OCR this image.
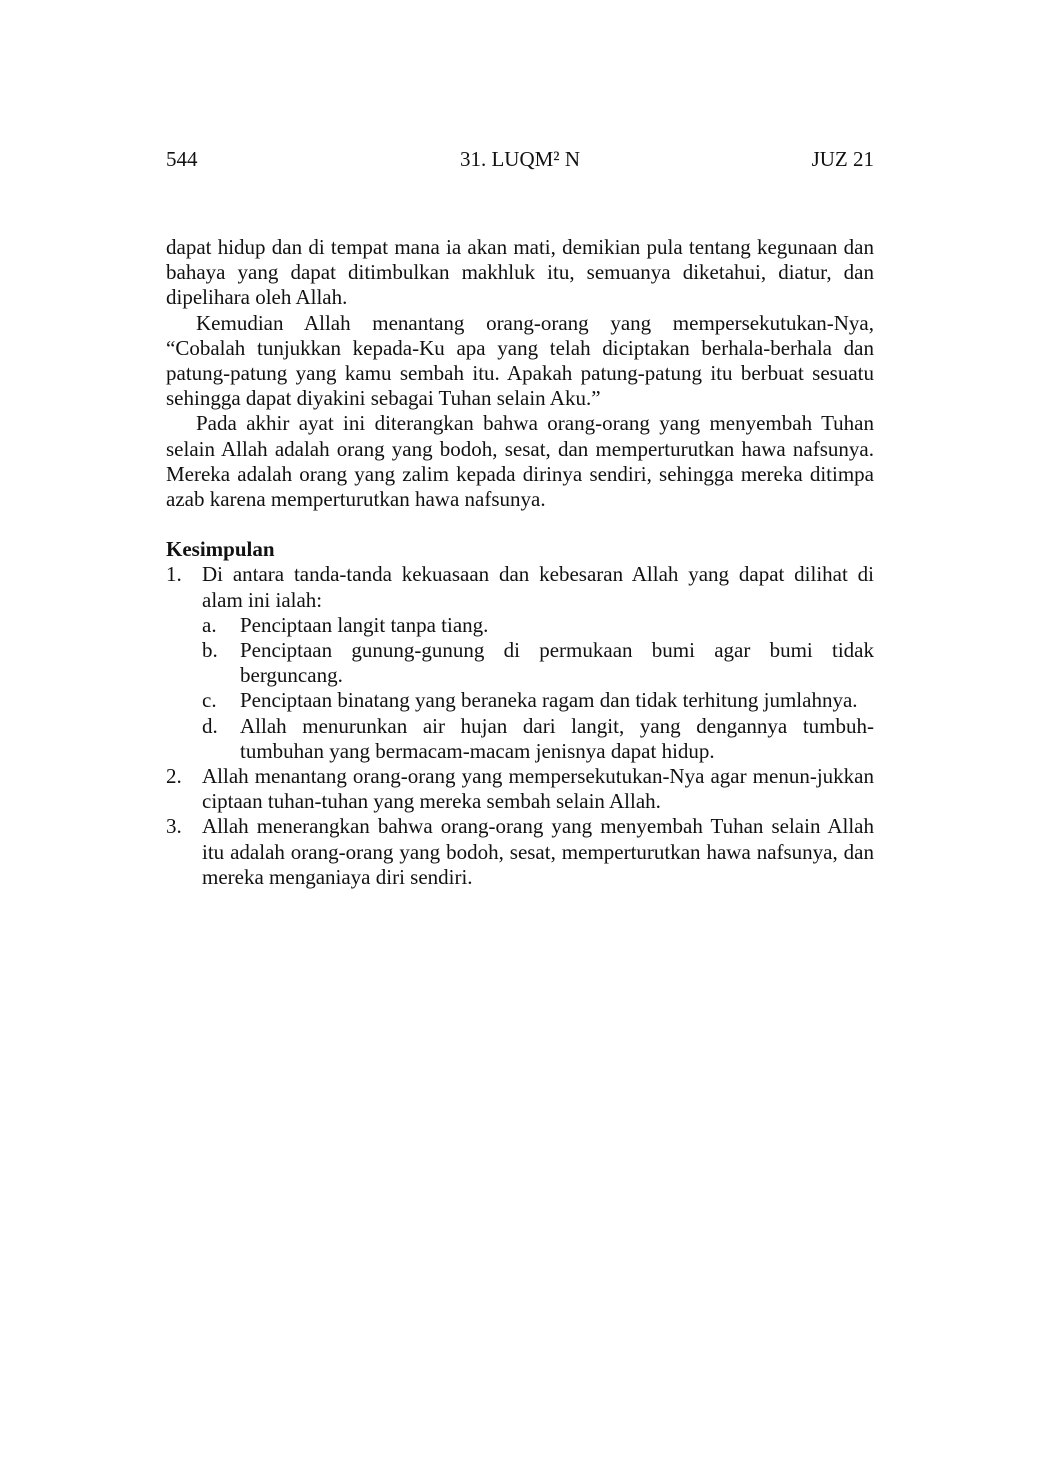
544	31. LUQM² N	JUZ 21

dapat hidup dan di tempat mana ia akan mati, demikian pula tentang kegunaan dan bahaya yang dapat ditimbulkan makhluk itu, semuanya diketahui, diatur, dan dipelihara oleh Allah.

Kemudian Allah menantang orang-orang yang mempersekutukan-Nya, “Cobalah tunjukkan kepada-Ku apa yang telah diciptakan berhala-berhala dan patung-patung yang kamu sembah itu. Apakah patung-patung itu berbuat sesuatu sehingga dapat diyakini sebagai Tuhan selain Aku.”

Pada akhir ayat ini diterangkan bahwa orang-orang yang menyembah Tuhan selain Allah adalah orang yang bodoh, sesat, dan memperturutkan hawa nafsunya. Mereka adalah orang yang zalim kepada dirinya sendiri, sehingga mereka ditimpa azab karena memperturutkan hawa nafsunya.

Kesimpulan
1. Di antara tanda-tanda kekuasaan dan kebesaran Allah yang dapat dilihat di alam ini ialah:
a. Penciptaan langit tanpa tiang.
b. Penciptaan gunung-gunung di permukaan bumi agar bumi tidak berguncang.
c. Penciptaan binatang yang beraneka ragam dan tidak terhitung jumlahnya.
d. Allah menurunkan air hujan dari langit, yang dengannya tumbuh-tumbuhan yang bermacam-macam jenisnya dapat hidup.
2. Allah menantang orang-orang yang mempersekutukan-Nya agar menun-jukkan ciptaan tuhan-tuhan yang mereka sembah selain Allah.
3. Allah menerangkan bahwa orang-orang yang menyembah Tuhan selain Allah itu adalah orang-orang yang bodoh, sesat, memperturutkan hawa nafsunya, dan mereka menganiaya diri sendiri.
